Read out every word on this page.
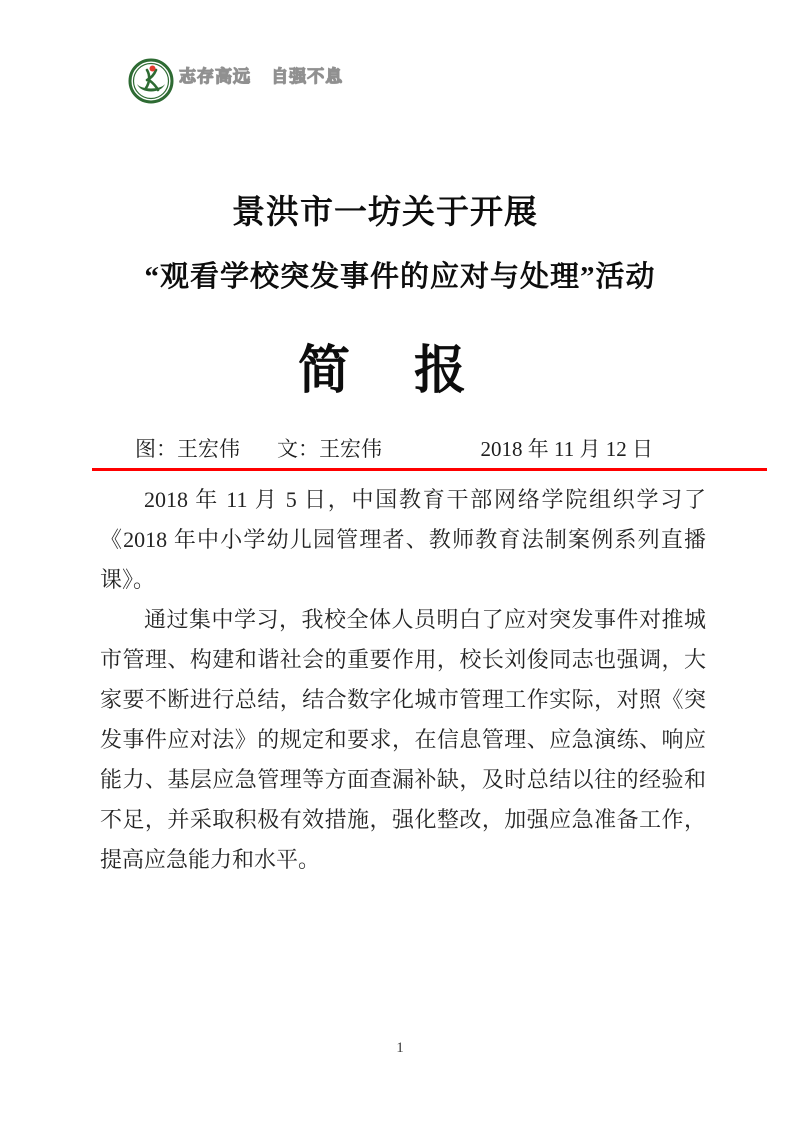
志存高远 自强不息
景洪市一坊关于开展
“观看学校突发事件的应对与处理”活动
简　报
图：王宏伟 文：王宏伟	2018 年 11 月 12 日

2018 年 11 月 5 日，中国教育干部网络学院组织学习了《2018 年中小学幼儿园管理者、教师教育法制案例系列直播课》。

通过集中学习，我校全体人员明白了应对突发事件对推城市管理、构建和谐社会的重要作用，校长刘俊同志也强调，大家要不断进行总结，结合数字化城市管理工作实际，对照《突发事件应对法》的规定和要求，在信息管理、应急演练、响应能力、基层应急管理等方面查漏补缺，及时总结以往的经验和不足，并采取积极有效措施，强化整改，加强应急准备工作，提高应急能力和水平。

1
